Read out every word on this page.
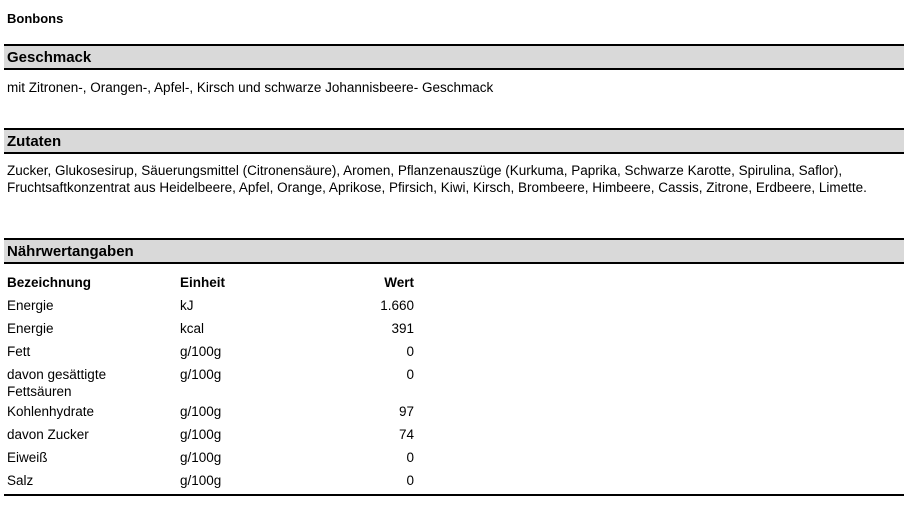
Bonbons
Geschmack
mit Zitronen-, Orangen-, Apfel-, Kirsch und schwarze Johannisbeere- Geschmack
Zutaten
Zucker, Glukosesirup, Säuerungsmittel (Citronensäure), Aromen, Pflanzenauszüge (Kurkuma, Paprika, Schwarze Karotte, Spirulina, Saflor), Fruchtsaftkonzentrat aus Heidelbeere, Apfel, Orange, Aprikose, Pfirsich, Kiwi, Kirsch, Brombeere, Himbeere, Cassis, Zitrone, Erdbeere, Limette.
Nährwertangaben
Bezeichnung	Einheit	Wert
Energie	kJ	1.660
Energie	kcal	391
Fett	g/100g	0
davon gesättigte Fettsäuren	g/100g	0
Kohlenhydrate	g/100g	97
davon Zucker	g/100g	74
Eiweiß	g/100g	0
Salz	g/100g	0
